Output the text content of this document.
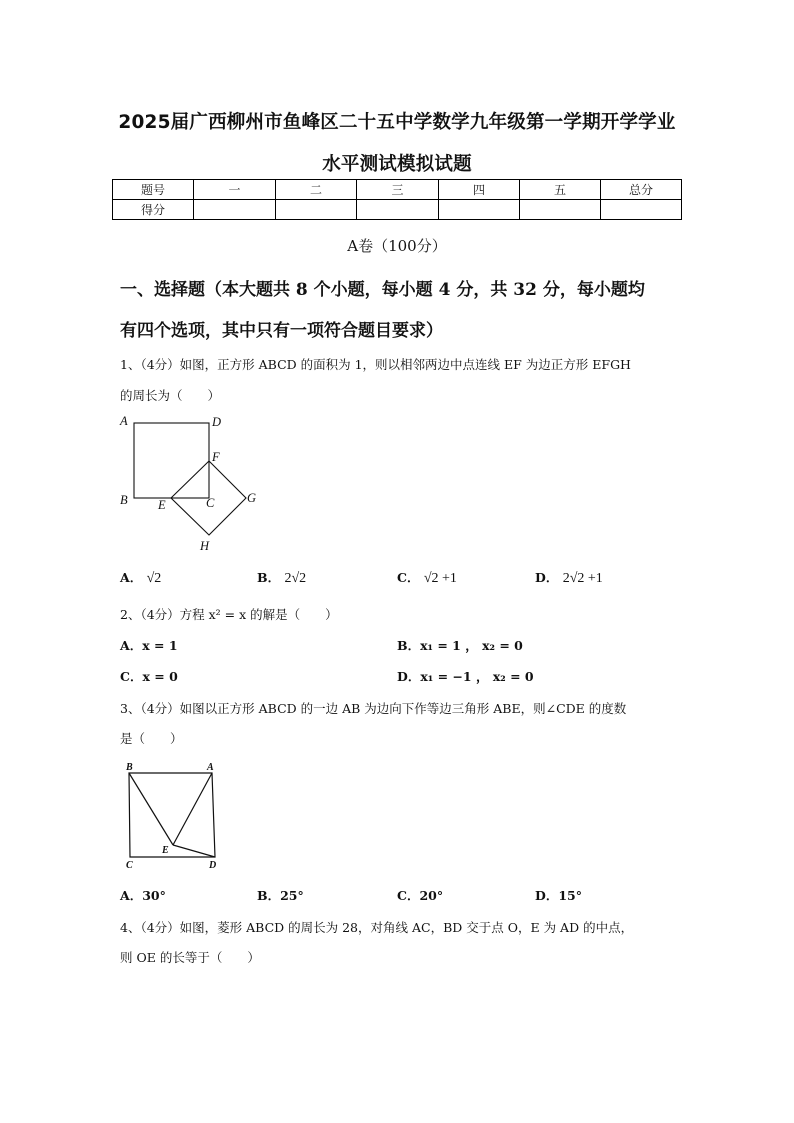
2025届广西柳州市鱼峰区二十五中学数学九年级第一学期开学学业
水平测试模拟试题
题号	一	二	三	四	五	总分
得分						
A卷（100分）
一、选择题（本大题共 8 个小题，每小题 4 分，共 32 分，每小题均
有四个选项，其中只有一项符合题目要求）
1、（4分）如图，正方形 ABCD 的面积为 1，则以相邻两边中点连线 EF 为边正方形 EFGH
的周长为（　　）
A	D
F
G
B E	C
H
A． √2	B． 2√2	C． √2 +1	D． 2√2 +1
2、（4分）方程 x² = x 的解是（　　）
A．x = 1	B．x₁ = 1 ， x₂ = 0
C．x = 0	D．x₁ = −1 ， x₂ = 0
3、（4分）如图以正方形 ABCD 的一边 AB 为边向下作等边三角形 ABE，则∠CDE 的度数
是（　　）
B	A
C
E
D
A．30°	B．25°	C．20°	D．15°
4、（4分）如图，菱形 ABCD 的周长为 28，对角线 AC，BD 交于点 O，E 为 AD 的中点，
则 OE 的长等于（　　）
